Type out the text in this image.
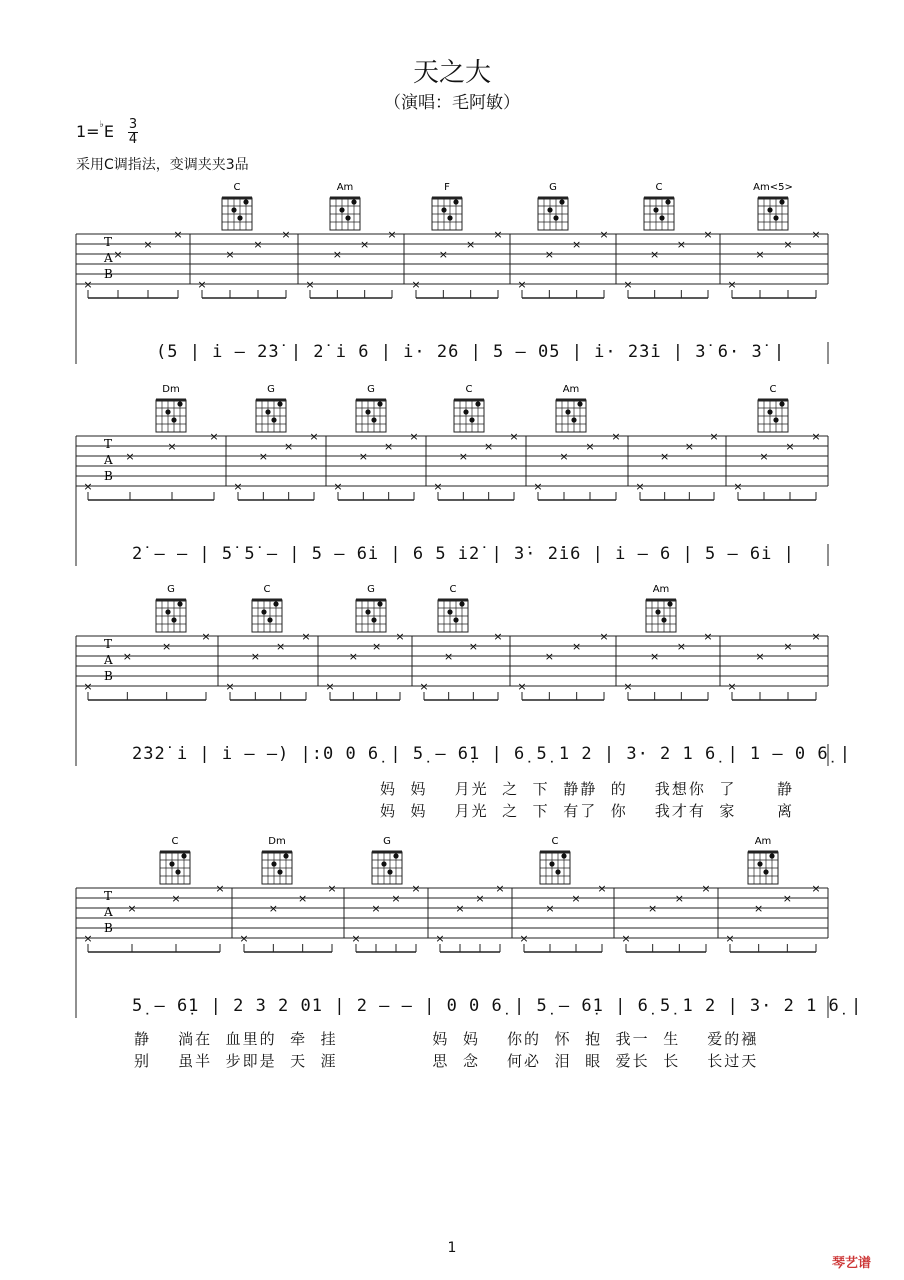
天之大
（演唱：毛阿敏）
1=♭E 3
4
采用C调指法，变调夹夹3品
T
A
B
C	Am	F	G	C	Am<5>
×
×
×
×
×
×
×
×
×
×
×
×
×
×
×
×
×
×
×
×
×
×
×
×
×
×
×
×
T
A
B
Dm	G	G	C	Am	C
×
×
×
×
×
×
×
×
×
×
×
×
×
×
×
×
×
×
×
×
×
×
×
×
×
×
×
×
T
A
B
G	C	G	C	Am
×
×
×
×
×
×
×
×
×
×
×
×
×
×
×
×
×
×
×
×
×
×
×
×
×
×
×
×
T
A
B
C	Dm	G	C	Am
×
×
×
×
×
×
×
×
×
×
×
×
×
×
×
×
×
×
×
×
×
×
×
×
×
×
×
×
(5 | i – 2̇3̇ | 2̇ i 6 | i· 2̇6 | 5 – 05 | i· 2̇3̇i | 3̇ 6· 3̇ |
2̇ – – | 5̇ 5̇ – | 5 – 6i | 6 5 i2̇ | 3̇· 2̇i6 | i – 6 | 5 – 6i |
2̇3̇2̇ i | i – –) |:0 0 6̣ | 5̣ – 6̣1 | 6̣ 5̣ 1 2 | 3· 2 1 6̣ | 1 – 0 6̣ |
5̣ – 6̣1 | 2 3 2 01 | 2 – – | 0 0 6̣ | 5̣ – 6̣1 | 6̣ 5̣ 1 2 | 3· 2 1 6̣ |
妈  妈    月光  之  下  静静  的    我想你  了      静
妈  妈    月光  之  下  有了  你    我才有  家      离
静    淌在  血里的  牵  挂              妈  妈    你的  怀  抱  我一  生    爱的襁
别    虽半  步即是  天  涯              思  念    何必  泪  眼  爱长  长    长过天
1
琴艺谱
